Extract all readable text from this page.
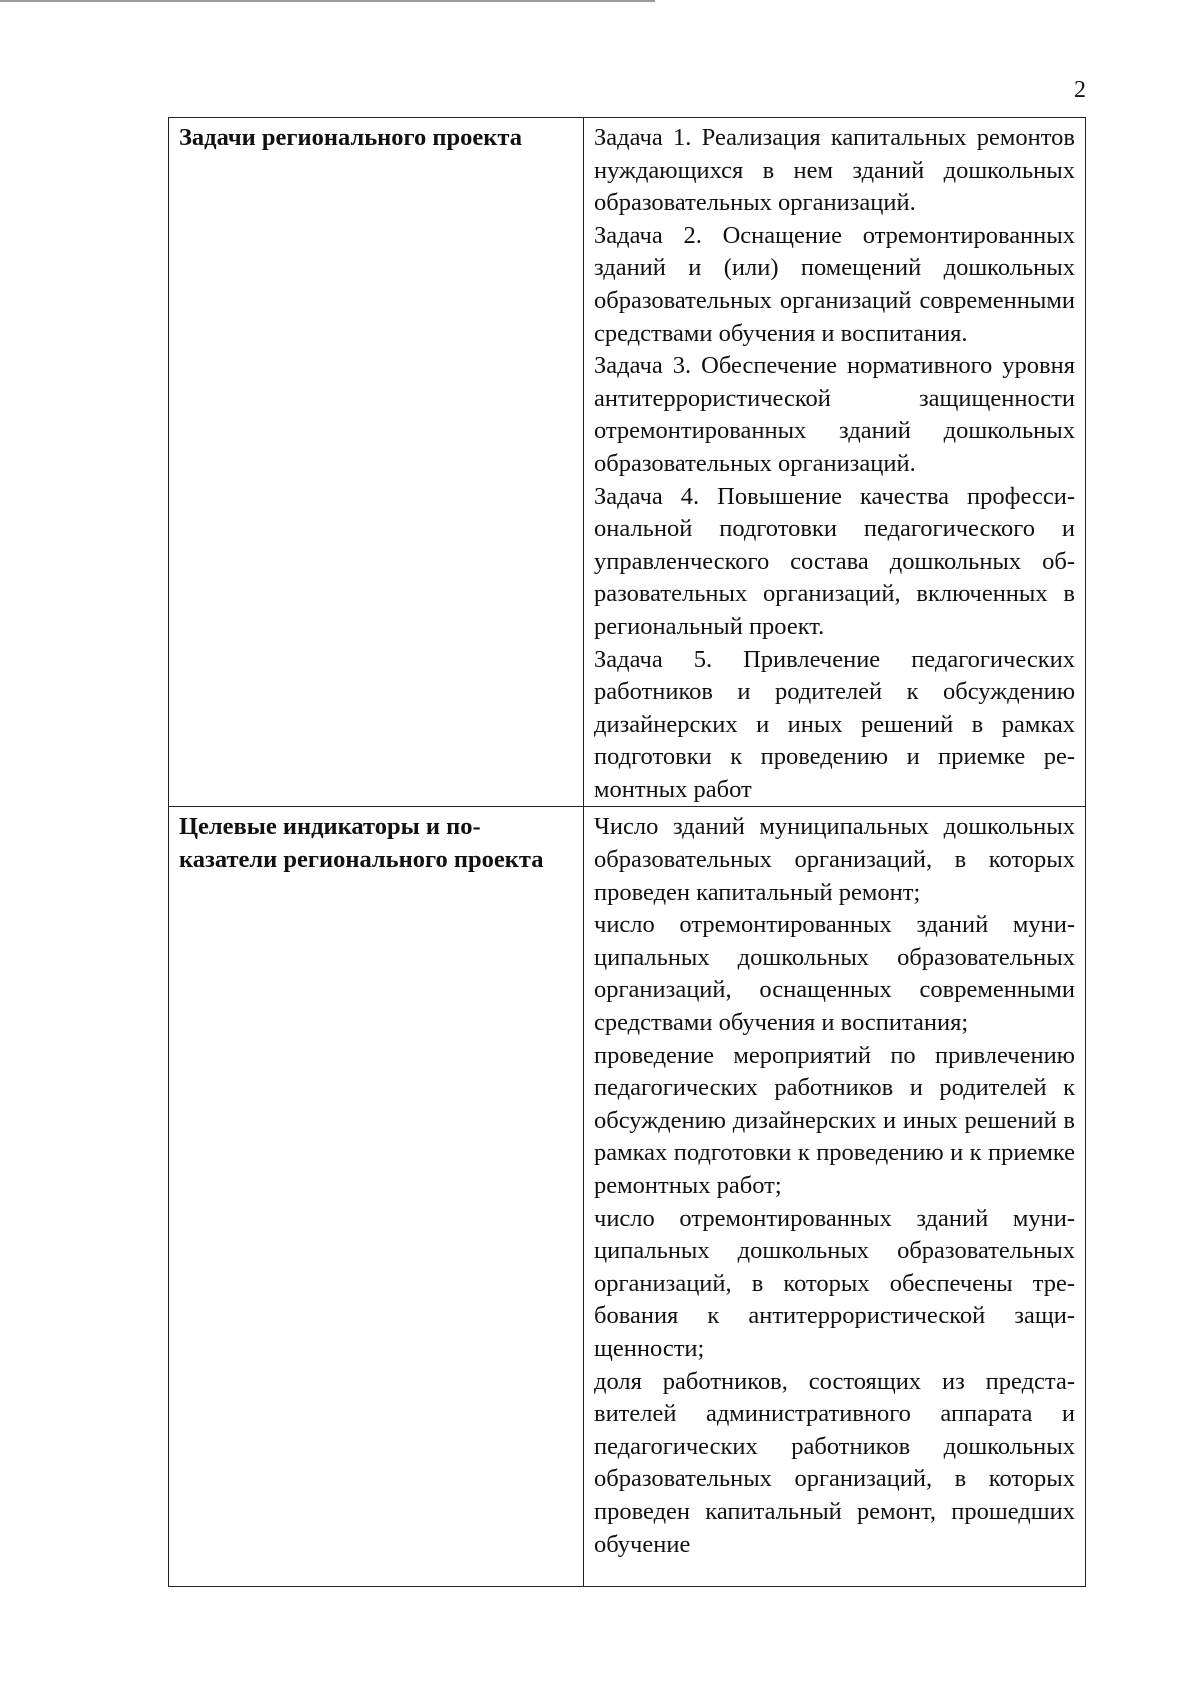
2
Задачи регионального проекта	Задача 1. Реализация капитальных ремонтов нуждающихся в нем зданий дошкольных образовательных организаций.
Задача 2. Оснащение отремонтированных зданий и (или) помещений дошкольных образовательных организаций современными средствами обучения и воспитания.
Задача 3. Обеспечение нормативного уровня антитеррористической защищенности отремонтированных зданий дошкольных образовательных организаций.
Задача 4. Повышение качества профессиональной подготовки педагогического и управленческого состава дошкольных образовательных организаций, включенных в региональный проект.
Задача 5. Привлечение педагогических работников и родителей к обсуждению дизайнерских и иных решений в рамках подготовки к проведению и приемке ремонтных работ

Целевые индикаторы и показатели регионального проекта	Число зданий муниципальных дошкольных образовательных организаций, в которых проведен капитальный ремонт;
число отремонтированных зданий муниципальных дошкольных образовательных организаций, оснащенных современными средствами обучения и воспитания;
проведение мероприятий по привлечению педагогических работников и родителей к обсуждению дизайнерских и иных решений в рамках подготовки к проведению и к приемке ремонтных работ;
число отремонтированных зданий муниципальных дошкольных образовательных организаций, в которых обеспечены требования к антитеррористической защищенности;
доля работников, состоящих из представителей административного аппарата и педагогических работников дошкольных образовательных организаций, в которых проведен капитальный ремонт, прошедших обучение
